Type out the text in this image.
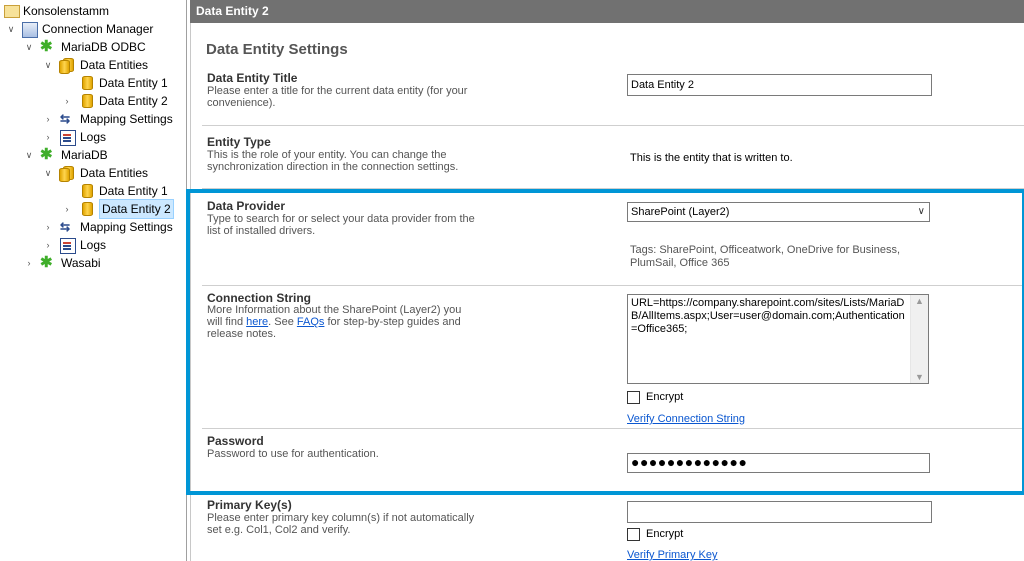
Konsolenstamm
∨ Connection Manager
∨ ✱ MariaDB ODBC
∨ Data Entities
Data Entity 1
›	Data Entity 2
› ⇆ Mapping Settings
›	Logs
∨ ✱ MariaDB
∨ Data Entities
Data Entity 1
›	Data Entity 2
› ⇆ Mapping Settings
›	Logs
› ✱ Wasabi
Data Entity 2
Data Entity Settings
Data Entity Title
Please enter a title for the current data entity (for your convenience).
Data Entity 2
Entity Type
This is the role of your entity. You can change the synchronization direction in the connection settings.
This is the entity that is written to.
Data Provider
Type to search for or select your data provider from the list of installed drivers.
SharePoint (Layer2)	∨
Tags: SharePoint, Officeatwork, OneDrive for Business, PlumSail, Office 365
Connection String
More Information about the SharePoint (Layer2) you will find here. See FAQs for step-by-step guides and release notes.
URL=https://company.sharepoint.com/sites/Lists/MariaDB/AllItems.aspx;User=user@domain.com;Authentication=Office365;
▲
▼
Encrypt
Verify Connection String
Password
Password to use for authentication.	●●●●●●●●●●●●●
Primary Key(s)
Please enter primary key column(s) if not automatically set e.g. Col1, Col2 and verify.	Encrypt
Verify Primary Key
